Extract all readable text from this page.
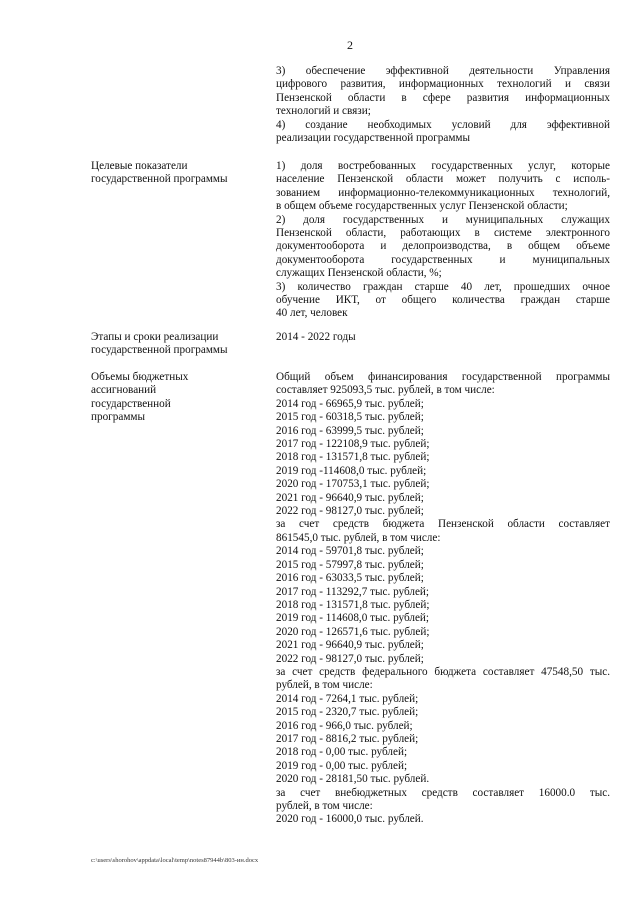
2
3) обеспечение эффективной деятельности Управления
цифрового развития, информационных технологий и связи
Пензенской области в сфере развития информационных
технологий и связи;
4) создание необходимых условий для эффективной
реализации государственной программы
Целевые показатели
государственной программы
1) доля востребованных государственных услуг, которые
население Пензенской области может получить с исполь-
зованием информационно-телекоммуникационных технологий,
в общем объеме государственных услуг Пензенской области;
2) доля государственных и муниципальных служащих
Пензенской области, работающих в системе электронного
документооборота и делопроизводства, в общем объеме
документооборота государственных и муниципальных
служащих Пензенской области, %;
3) количество граждан старше 40 лет, прошедших очное
обучение ИКТ, от общего количества граждан старше
40 лет, человек
Этапы и сроки реализации
государственной программы
2014 - 2022 годы
Объемы бюджетных
ассигнований
государственной
программы
Общий объем финансирования государственной программы
составляет 925093,5 тыс. рублей, в том числе:
2014 год - 66965,9 тыс. рублей;
2015 год - 60318,5 тыс. рублей;
2016 год - 63999,5 тыс. рублей;
2017 год - 122108,9 тыс. рублей;
2018 год - 131571,8 тыс. рублей;
2019 год -114608,0 тыс. рублей;
2020 год - 170753,1 тыс. рублей;
2021 год - 96640,9 тыс. рублей;
2022 год - 98127,0 тыс. рублей;
за счет средств бюджета Пензенской области составляет
861545,0 тыс. рублей, в том числе:
2014 год - 59701,8 тыс. рублей;
2015 год - 57997,8 тыс. рублей;
2016 год - 63033,5 тыс. рублей;
2017 год - 113292,7 тыс. рублей;
2018 год - 131571,8 тыс. рублей;
2019 год - 114608,0 тыс. рублей;
2020 год - 126571,6 тыс. рублей;
2021 год - 96640,9 тыс. рублей;
2022 год - 98127,0 тыс. рублей;
за счет средств федерального бюджета составляет 47548,50 тыс.
рублей, в том числе:
2014 год - 7264,1 тыс. рублей;
2015 год - 2320,7 тыс. рублей;
2016 год - 966,0 тыс. рублей;
2017 год - 8816,2 тыс. рублей;
2018 год - 0,00 тыс. рублей;
2019 год - 0,00 тыс. рублей;
2020 год - 28181,50 тыс. рублей.
за счет внебюджетных средств составляет 16000.0 тыс.
рублей, в том числе:
2020 год - 16000,0 тыс. рублей.
c:\users\shorohov\appdata\local\temp\notes87944b\803-ин.docx
